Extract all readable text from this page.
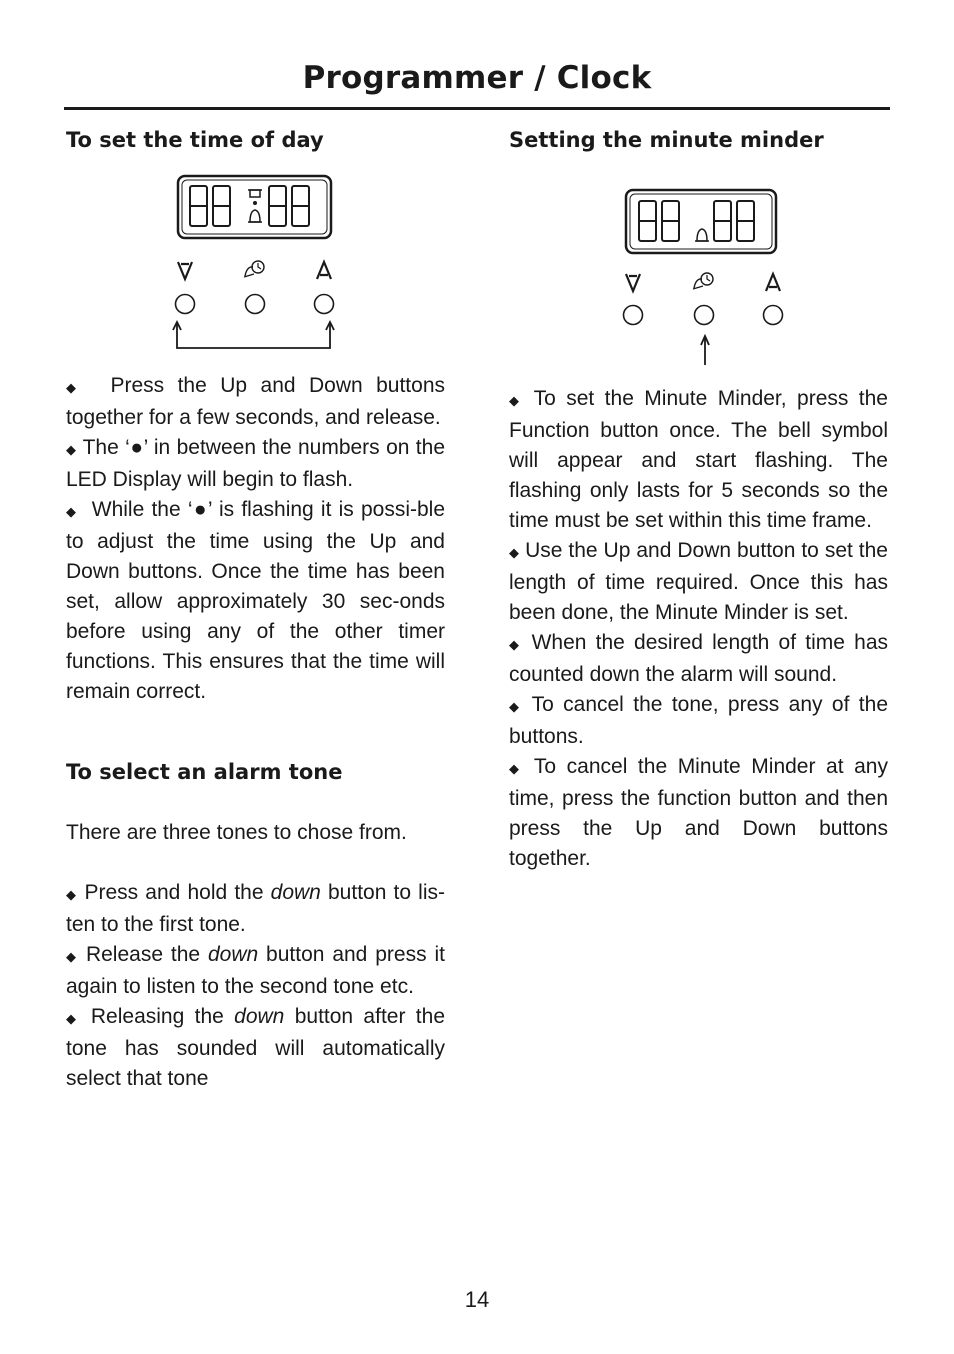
Programmer / Clock
To set the time of day

◆ Press the Up and Down buttons together for a few seconds, and release.

◆ The ‘●’ in between the numbers on the LED Display will begin to flash.

◆ While the ‘●’ is flashing it is possi-ble to adjust the time using the Up and Down buttons. Once the time has been set, allow approximately 30 sec-onds before using any of the other timer functions. This ensures that the time will remain correct.

To select an alarm tone

There are three tones to chose from.

◆ Press and hold the down button to lis-ten to the first tone.

◆ Release the down button and press it again to listen to the second tone etc.

◆ Releasing the down button after the tone has sounded will automatically select that tone

Setting the minute minder

◆ To set the Minute Minder, press the Function button once. The bell symbol will appear and start flashing. The flashing only lasts for 5 seconds so the time must be set within this time frame.

◆ Use the Up and Down button to set the length of time required. Once this has been done, the Minute Minder is set.

◆ When the desired length of time has counted down the alarm will sound.

◆ To cancel the tone, press any of the buttons.

◆ To cancel the Minute Minder at any time, press the function button and then press the Up and Down buttons together.

14
